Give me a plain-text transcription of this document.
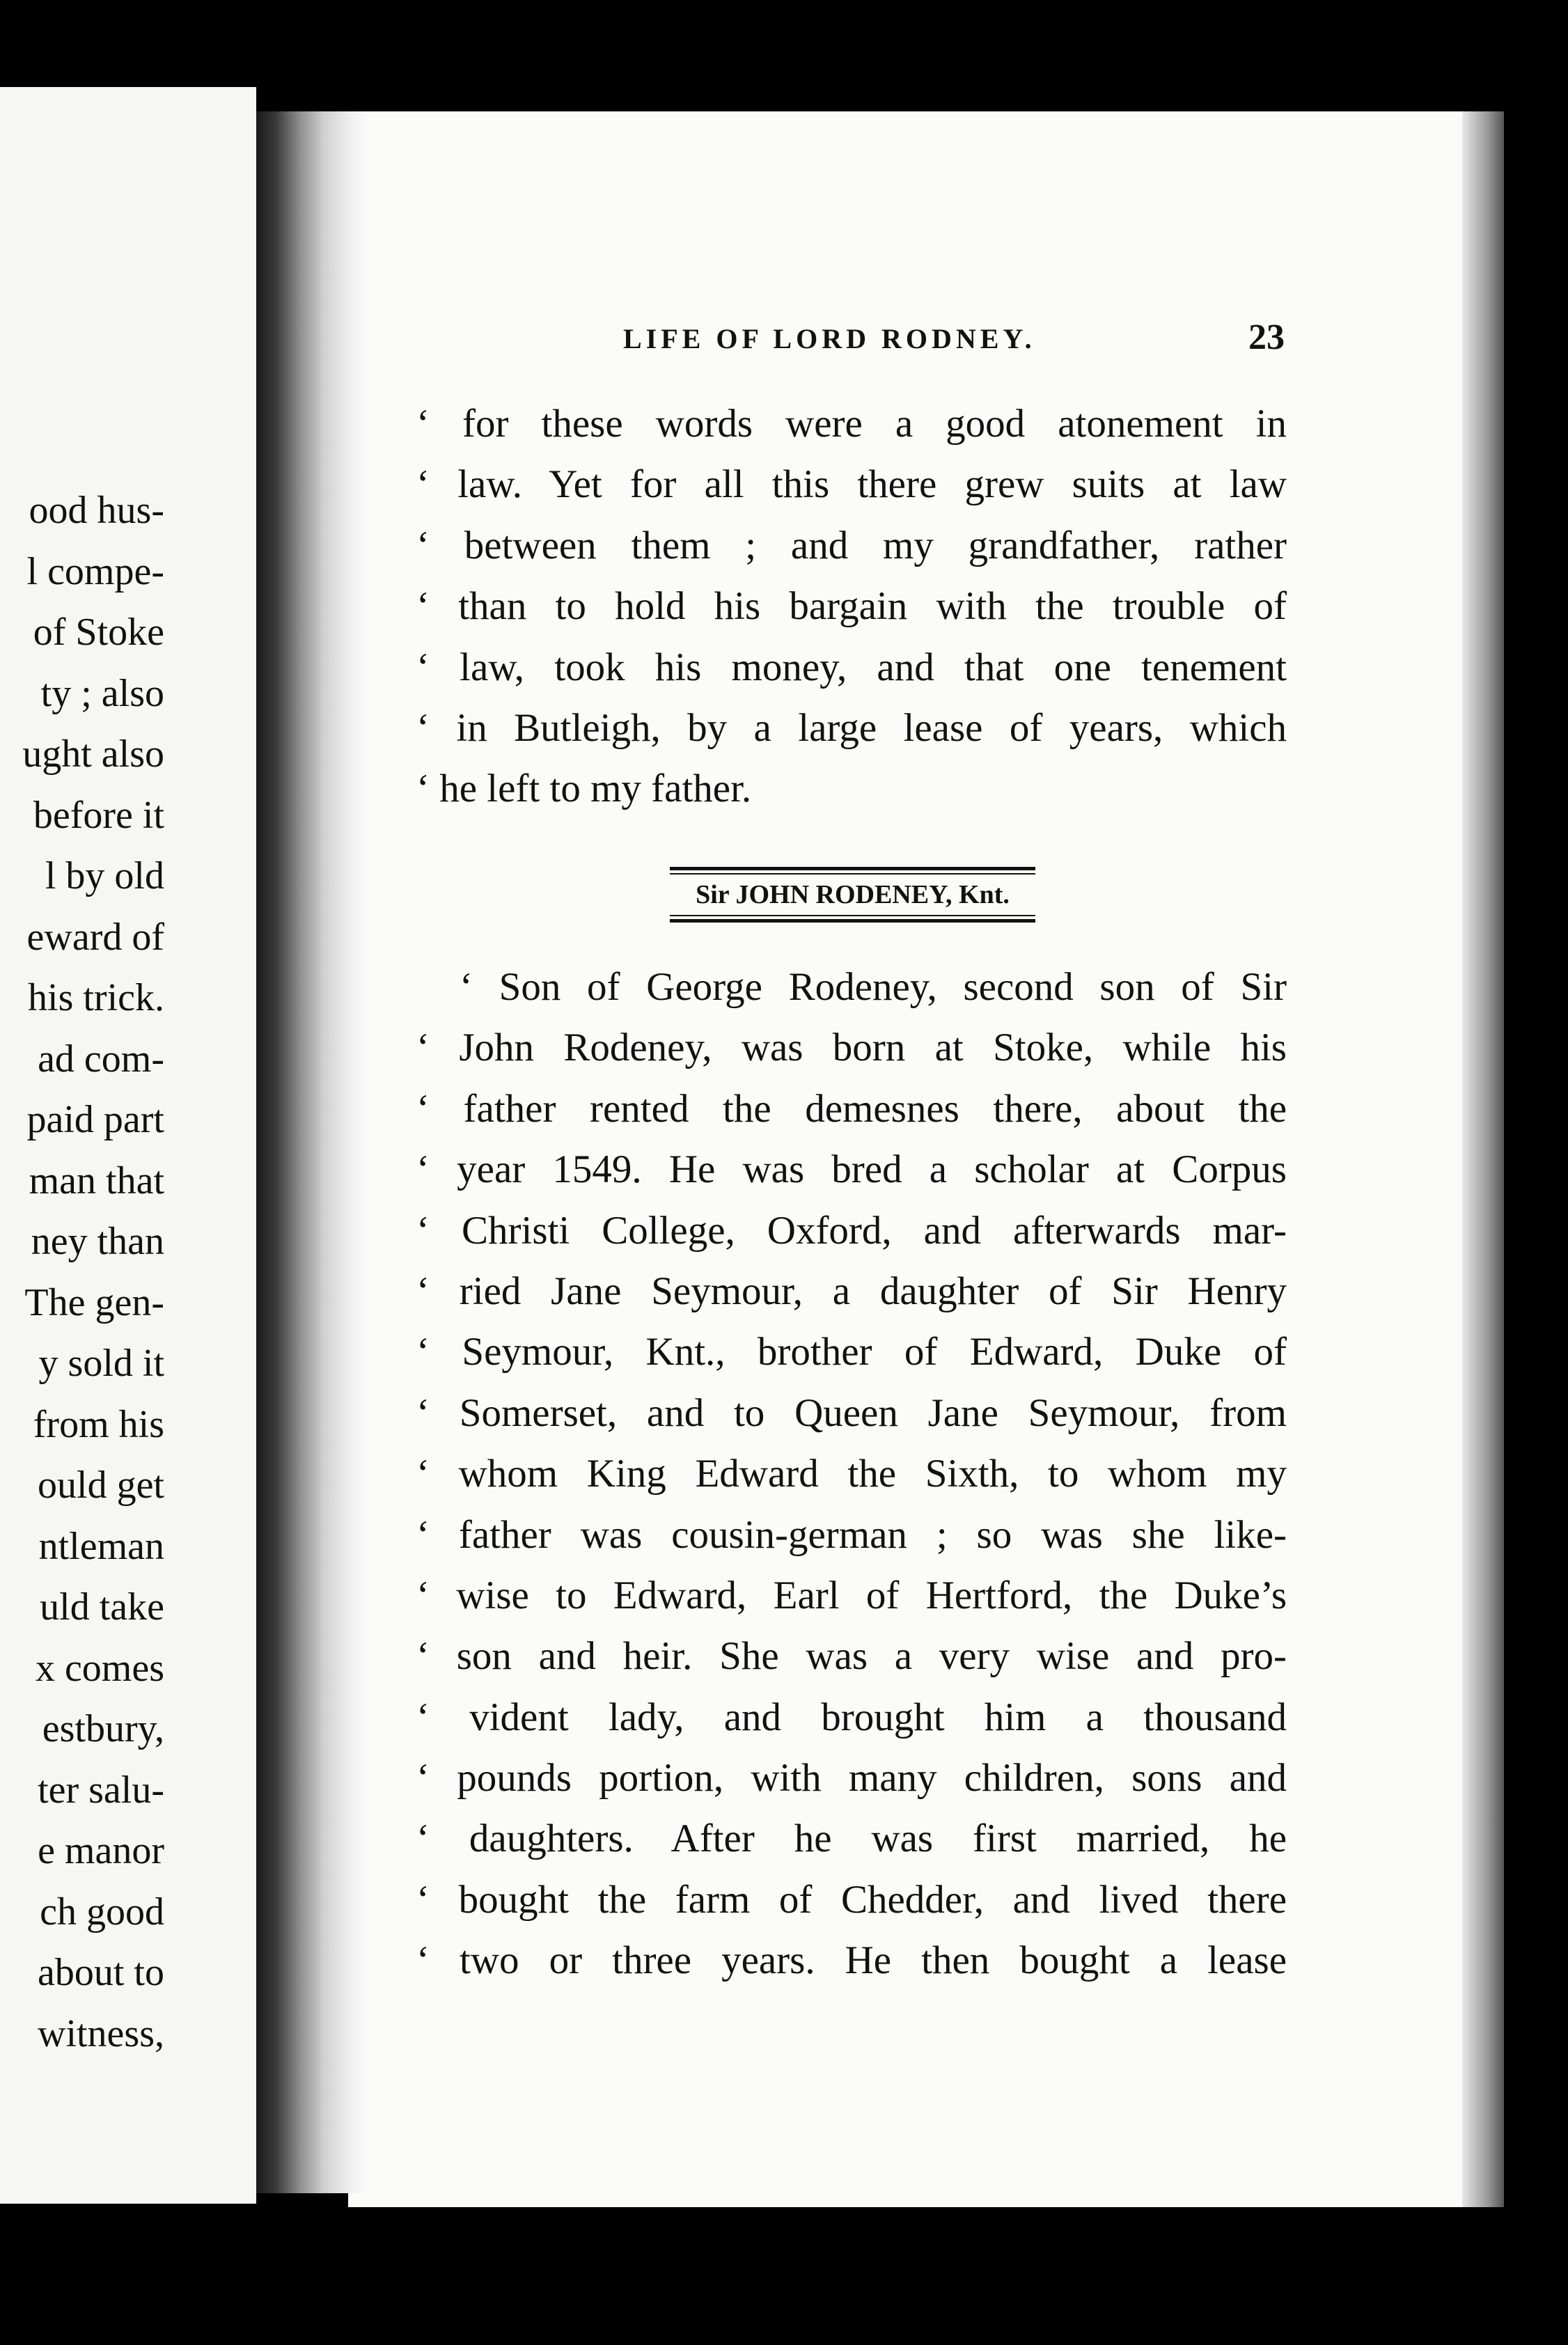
ood hus-
l compe-
of Stoke
ty ; also
ught also
before it
l by old
eward of
his trick.
ad com-
paid part
man that
ney than
The gen-
y sold it
from his
ould get
ntleman
uld take
x comes
estbury,
ter salu-
e manor
ch good
about to
witness,
LIFE OF LORD RODNEY.	23
‘ for these words were a good atonement in
‘ law. Yet for all this there grew suits at law
‘ between them ; and my grandfather, rather
‘ than to hold his bargain with the trouble of
‘ law, took his money, and that one tenement
‘ in Butleigh, by a large lease of years, which
‘ he left to my father.
Sir JOHN RODENEY, Knt.
‘ Son of George Rodeney, second son of Sir
‘ John Rodeney, was born at Stoke, while his
‘ father rented the demesnes there, about the
‘ year 1549. He was bred a scholar at Corpus
‘ Christi College, Oxford, and afterwards mar-
‘ ried Jane Seymour, a daughter of Sir Henry
‘ Seymour, Knt., brother of Edward, Duke of
‘ Somerset, and to Queen Jane Seymour, from
‘ whom King Edward the Sixth, to whom my
‘ father was cousin-german ; so was she like-
‘ wise to Edward, Earl of Hertford, the Duke’s
‘ son and heir. She was a very wise and pro-
‘ vident lady, and brought him a thousand
‘ pounds portion, with many children, sons and
‘ daughters. After he was first married, he
‘ bought the farm of Chedder, and lived there
‘ two or three years. He then bought a lease
